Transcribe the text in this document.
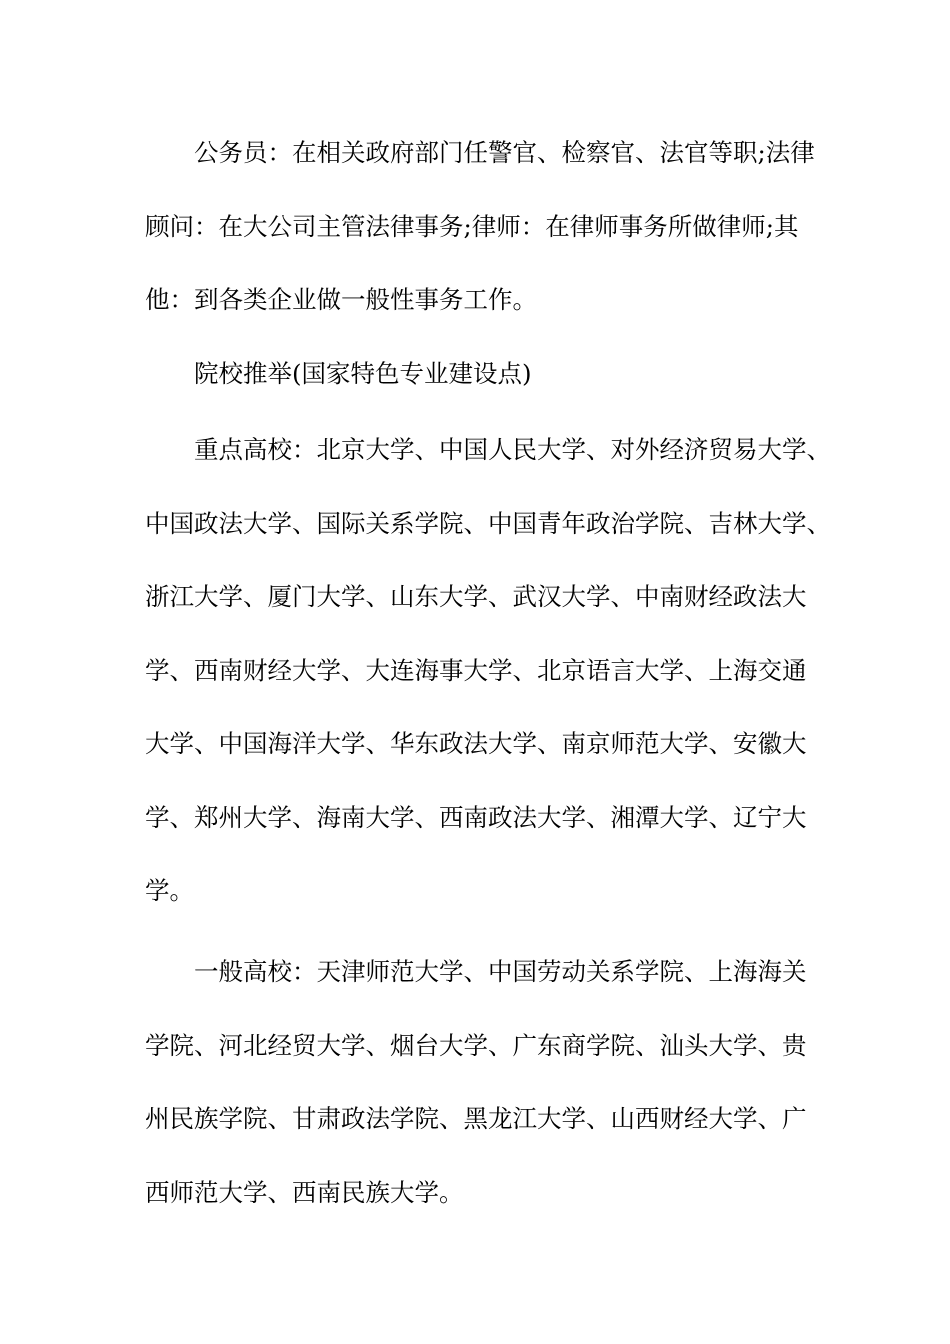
公务员：在相关政府部门任警官、检察官、法官等职;法律
顾问：在大公司主管法律事务;律师：在律师事务所做律师;其
他：到各类企业做一般性事务工作。
院校推举(国家特色专业建设点)
重点高校：北京大学、中国人民大学、对外经济贸易大学、
中国政法大学、国际关系学院、中国青年政治学院、吉林大学、
浙江大学、厦门大学、山东大学、武汉大学、中南财经政法大
学、西南财经大学、大连海事大学、北京语言大学、上海交通
大学、中国海洋大学、华东政法大学、南京师范大学、安徽大
学、郑州大学、海南大学、西南政法大学、湘潭大学、辽宁大
学。
一般高校：天津师范大学、中国劳动关系学院、上海海关
学院、河北经贸大学、烟台大学、广东商学院、汕头大学、贵
州民族学院、甘肃政法学院、黑龙江大学、山西财经大学、广
西师范大学、西南民族大学。
